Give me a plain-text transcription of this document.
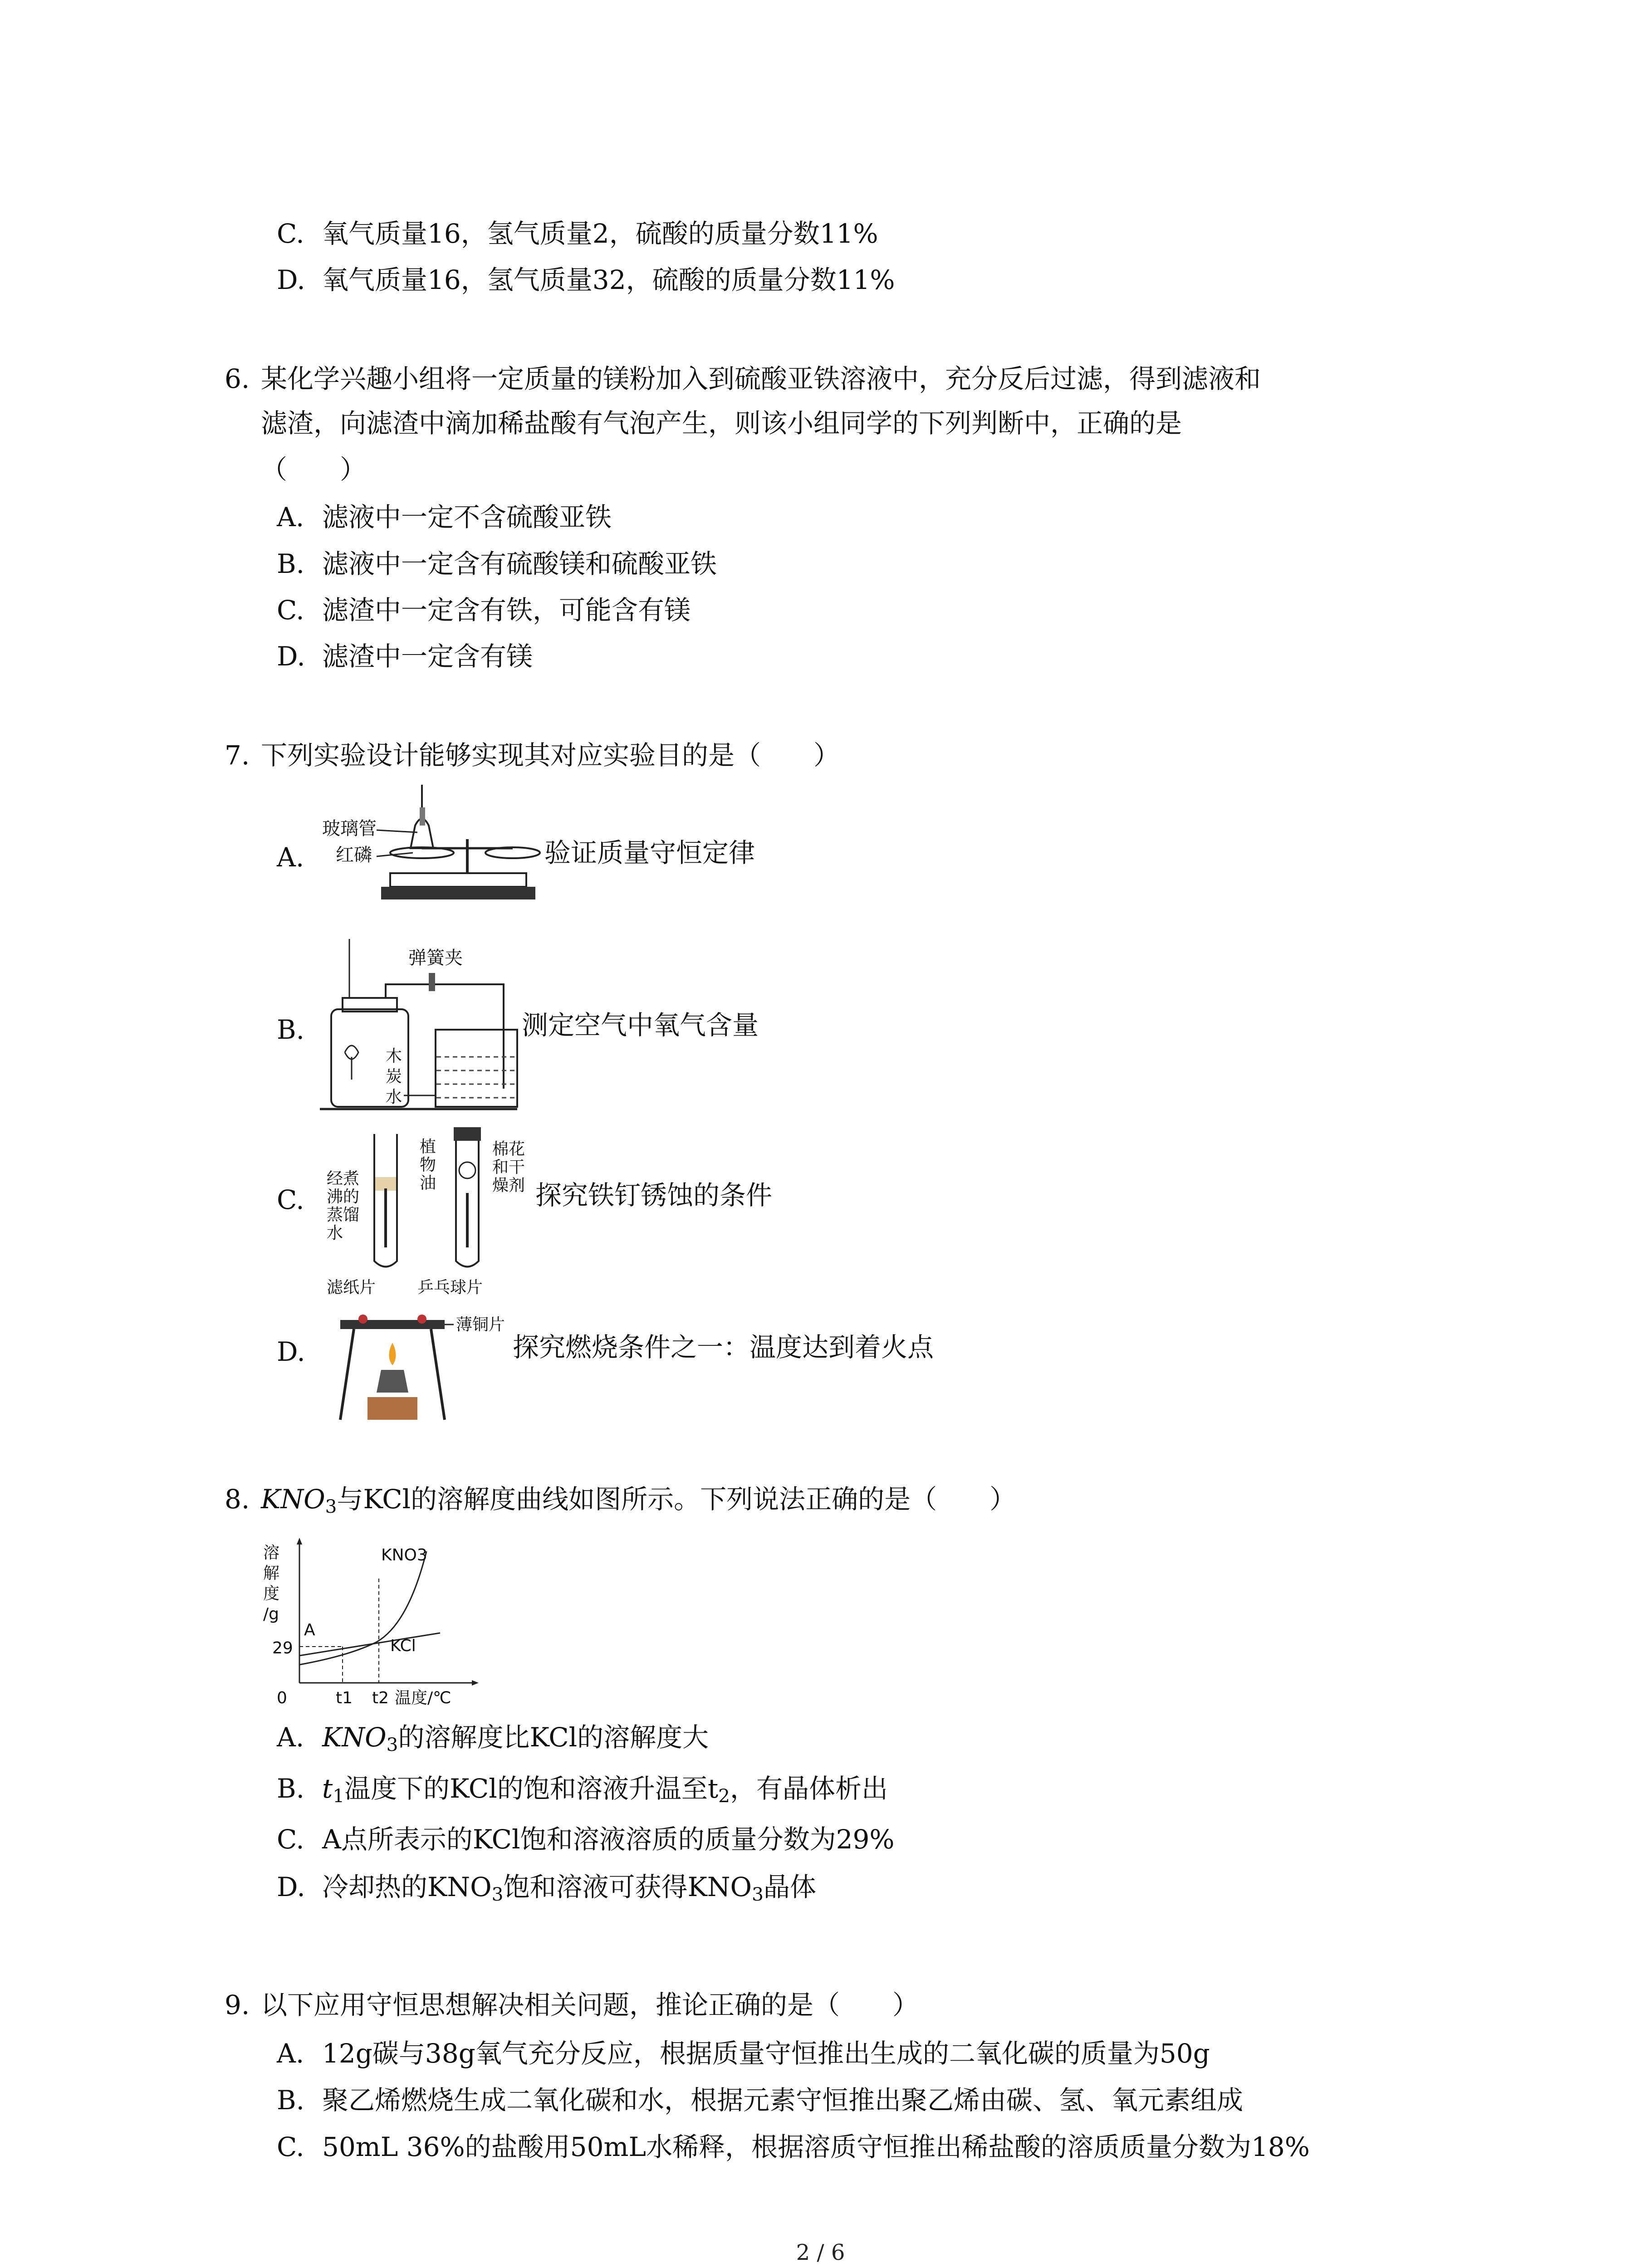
C. 氧气质量16，氢气质量2，硫酸的质量分数11%
D. 氧气质量16，氢气质量32，硫酸的质量分数11%
6. 某化学兴趣小组将一定质量的镁粉加入到硫酸亚铁溶液中，充分反后过滤，得到滤液和
滤渣，向滤渣中滴加稀盐酸有气泡产生，则该小组同学的下列判断中，正确的是
（　　）
A. 滤液中一定不含硫酸亚铁
B. 滤液中一定含有硫酸镁和硫酸亚铁
C. 滤渣中一定含有铁，可能含有镁
D. 滤渣中一定含有镁
7. 下列实验设计能够实现其对应实验目的是（　　）
A.
玻璃管
红磷	验证质量守恒定律
B.
弹簧夹
木
炭
水
测定空气中氧气含量
C.
经煮
沸的
蒸馏
水
植
物
油
棉花
和干
燥剂
滤纸片	乒乓球片
探究铁钉锈蚀的条件
D.
薄铜片
探究燃烧条件之一：温度达到着火点
8. $KNO_3$与KCl的溶解度曲线如图所示。下列说法正确的是（　　）
溶
解
度
/g
0
29
A
KNO3
KCl
t1 t2 温度/℃
A. $KNO_3$的溶解度比KCl的溶解度大
B. $t_1$温度下的KCl的饱和溶液升温至$t_2$，有晶体析出
C. A点所表示的KCl饱和溶液溶质的质量分数为29%
D. 冷却热的$KNO_3$饱和溶液可获得$KNO_3$晶体
9. 以下应用守恒思想解决相关问题，推论正确的是（　　）
A. 12g碳与38g氧气充分反应，根据质量守恒推出生成的二氧化碳的质量为50g
B. 聚乙烯燃烧生成二氧化碳和水，根据元素守恒推出聚乙烯由碳、氢、氧元素组成
C. 50mL 36%的盐酸用50mL水稀释，根据溶质守恒推出稀盐酸的溶质质量分数为18%
2 / 6
